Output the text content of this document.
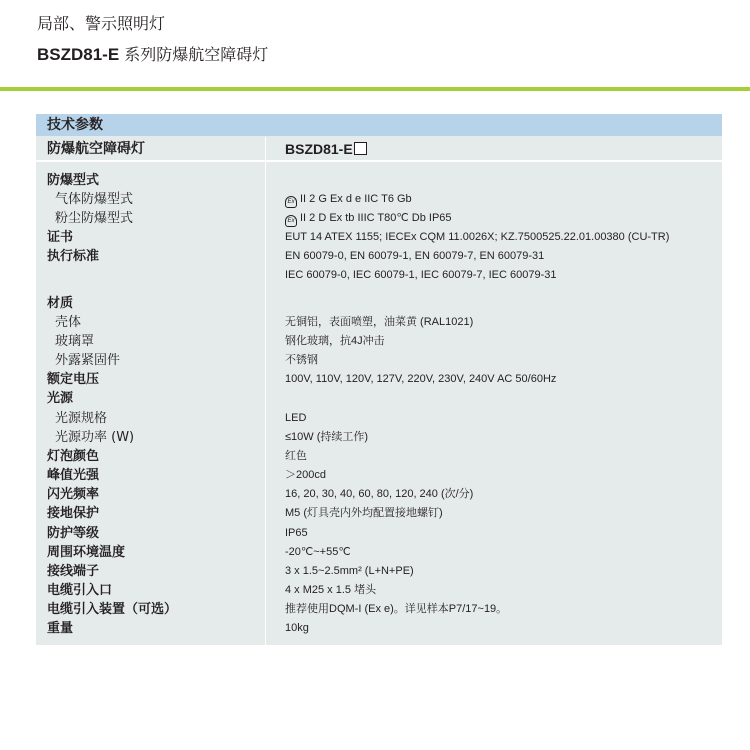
局部、警示照明灯
BSZD81-E 系列防爆航空障碍灯
技术参数
防爆航空障碍灯	BSZD81-E
防爆型式
气体防爆型式	Ex II 2 G Ex d e IIC T6 Gb
粉尘防爆型式	Ex II 2 D Ex tb IIIC T80℃ Db IP65
证书	EUT 14 ATEX 1155; IECEx CQM 11.0026X; KZ.7500525.22.01.00380 (CU-TR)
执行标准	EN 60079-0, EN 60079-1, EN 60079-7, EN 60079-31
IEC 60079-0, IEC 60079-1, IEC 60079-7, IEC 60079-31
材质
壳体	无铜铝，表面喷塑，油菜黄 (RAL1021)
玻璃罩	钢化玻璃，抗4J冲击
外露紧固件	不锈钢
额定电压	100V, 110V, 120V, 127V, 220V, 230V, 240V AC 50/60Hz
光源
光源规格	LED
光源功率 (W)	≤10W (持续工作)
灯泡颜色	红色
峰值光强	＞200cd
闪光频率	16, 20, 30, 40, 60, 80, 120, 240 (次/分)
接地保护	M5 (灯具壳内外均配置接地螺钉)
防护等级	IP65
周围环境温度	-20℃~+55℃
接线端子	3 x 1.5~2.5mm² (L+N+PE)
电缆引入口	4 x M25 x 1.5 堵头
电缆引入装置（可选）	推荐使用DQM-I (Ex e)。详见样本P7/17~19。
重量	10kg
